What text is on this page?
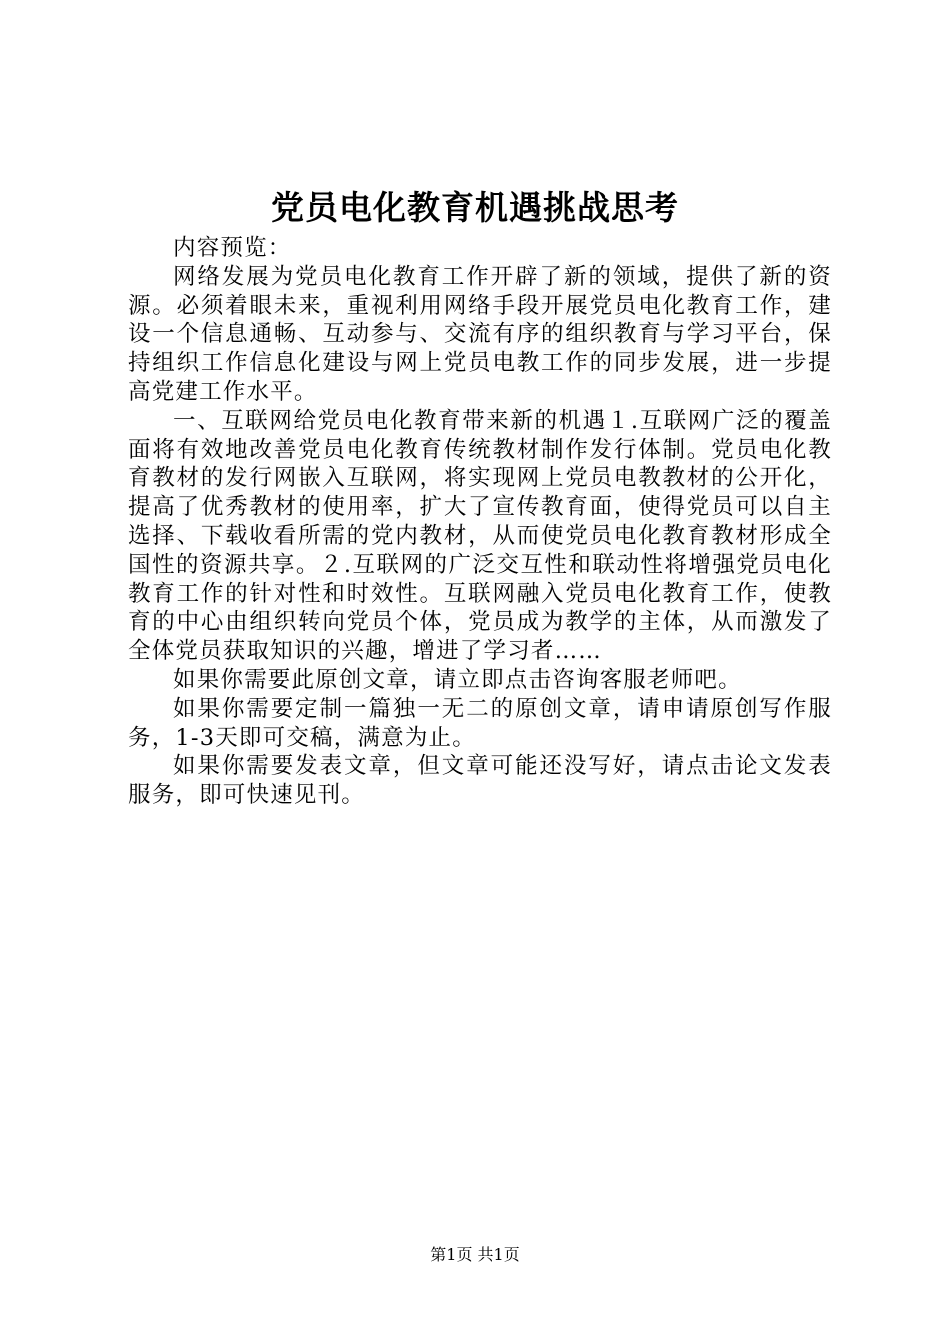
党员电化教育机遇挑战思考

内容预览：

网络发展为党员电化教育工作开辟了新的领域，提供了新的资源。必须着眼未来，重视利用网络手段开展党员电化教育工作，建设一个信息通畅、互动参与、交流有序的组织教育与学习平台，保持组织工作信息化建设与网上党员电教工作的同步发展，进一步提高党建工作水平。

一、互联网给党员电化教育带来新的机遇１.互联网广泛的覆盖面将有效地改善党员电化教育传统教材制作发行体制。党员电化教育教材的发行网嵌入互联网，将实现网上党员电教教材的公开化，提高了优秀教材的使用率，扩大了宣传教育面，使得党员可以自主选择、下载收看所需的党内教材，从而使党员电化教育教材形成全国性的资源共享。２.互联网的广泛交互性和联动性将增强党员电化教育工作的针对性和时效性。互联网融入党员电化教育工作，使教育的中心由组织转向党员个体，党员成为教学的主体，从而激发了全体党员获取知识的兴趣，增进了学习者……

如果你需要此原创文章，请立即点击咨询客服老师吧。

如果你需要定制一篇独一无二的原创文章，请申请原创写作服务，1-3天即可交稿，满意为止。

如果你需要发表文章，但文章可能还没写好，请点击论文发表服务，即可快速见刊。

第1页 共1页
